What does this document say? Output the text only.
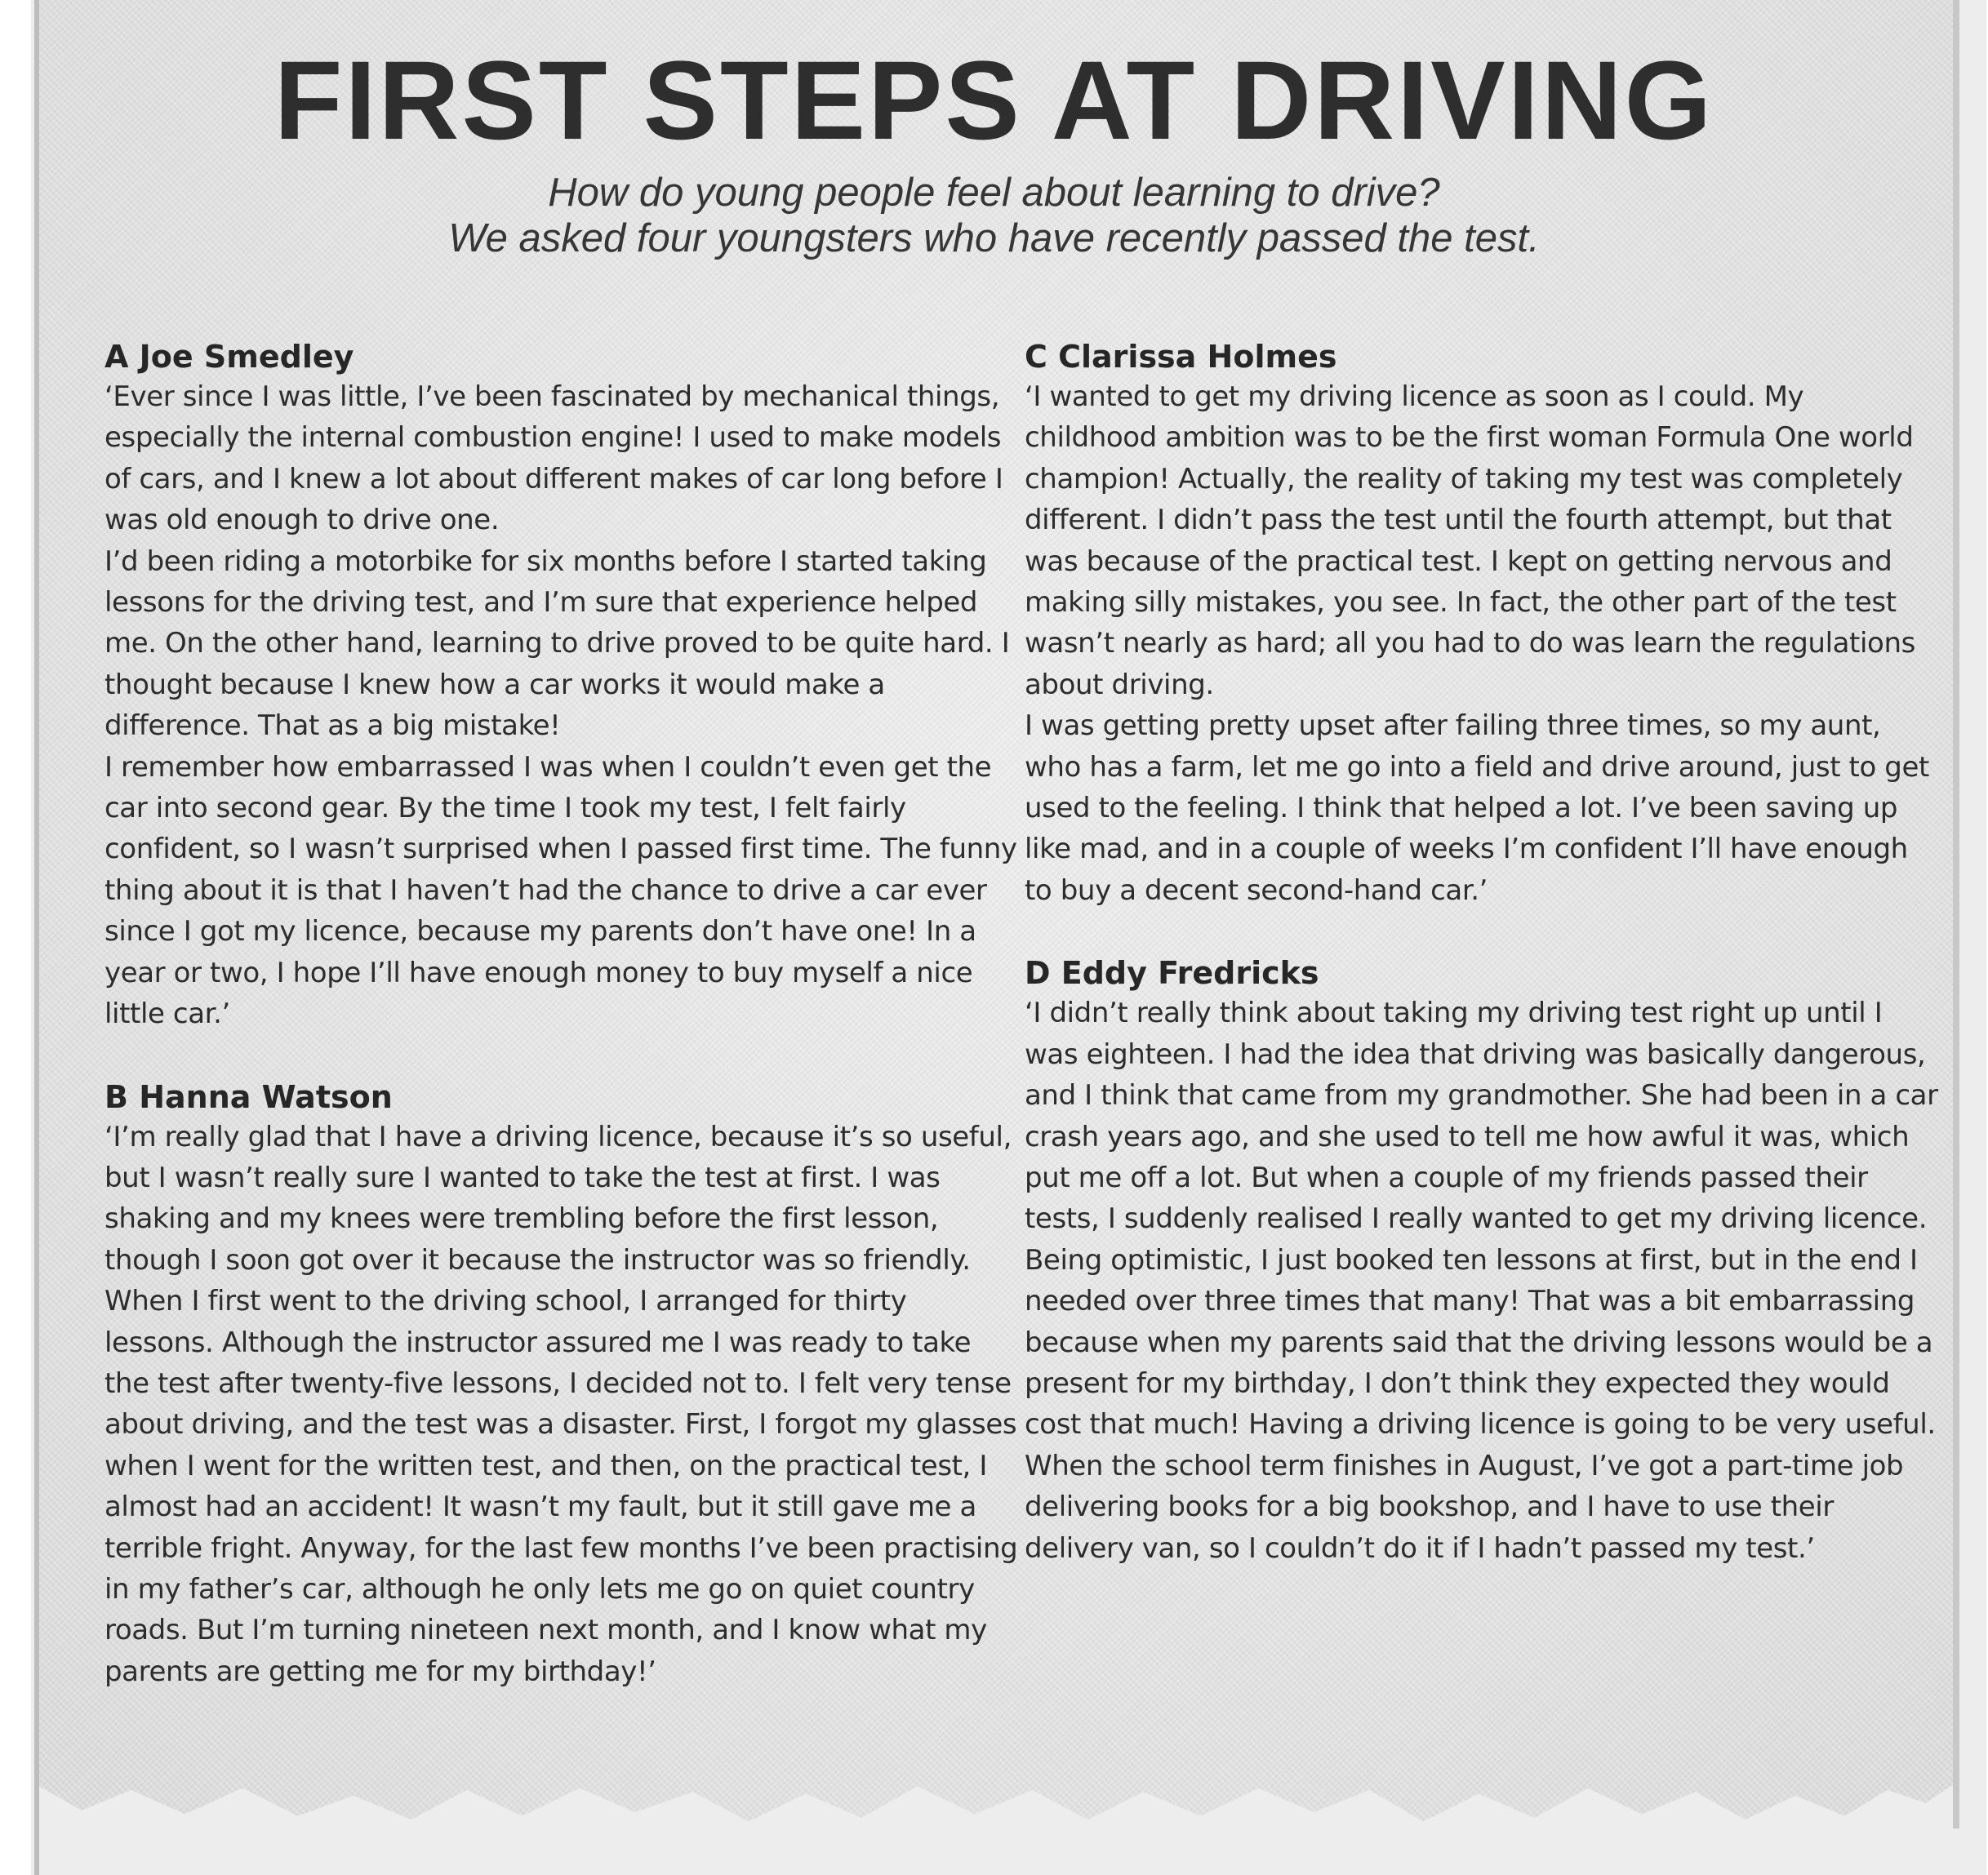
FIRST STEPS AT DRIVING
How do young people feel about learning to drive?
We asked four youngsters who have recently passed the test.
A Joe Smedley

‘Ever since I was little, I’ve been fascinated by mechanical things, especially the internal combustion engine! I used to make models of cars, and I knew a lot about different makes of car long before I was old enough to drive one.

I’d been riding a motorbike for six months before I started taking lessons for the driving test, and I’m sure that experience helped me. On the other hand, learning to drive proved to be quite hard. I thought because I knew how a car works it would make a difference. That as a big mistake!

I remember how embarrassed I was when I couldn’t even get the car into second gear. By the time I took my test, I felt fairly confident, so I wasn’t surprised when I passed first time. The funny thing about it is that I haven’t had the chance to drive a car ever since I got my licence, because my parents don’t have one! In a year or two, I hope I’ll have enough money to buy myself a nice little car.’

B Hanna Watson

‘I’m really glad that I have a driving licence, because it’s so useful, but I wasn’t really sure I wanted to take the test at first. I was shaking and my knees were trembling before the first lesson, though I soon got over it because the instructor was so friendly. When I first went to the driving school, I arranged for thirty lessons. Although the instructor assured me I was ready to take the test after twenty-five lessons, I decided not to. I felt very tense about driving, and the test was a disaster. First, I forgot my glasses when I went for the written test, and then, on the practical test, I almost had an accident! It wasn’t my fault, but it still gave me a terrible fright. Anyway, for the last few months I’ve been practising in my father’s car, although he only lets me go on quiet country roads. But I’m turning nineteen next month, and I know what my parents are getting me for my birthday!’

C Clarissa Holmes

‘I wanted to get my driving licence as soon as I could. My childhood ambition was to be the first woman Formula One world champion! Actually, the reality of taking my test was completely different. I didn’t pass the test until the fourth attempt, but that was because of the practical test. I kept on getting nervous and making silly mistakes, you see. In fact, the other part of the test wasn’t nearly as hard; all you had to do was learn the regulations about driving.

I was getting pretty upset after failing three times, so my aunt, who has a farm, let me go into a field and drive around, just to get used to the feeling. I think that helped a lot. I’ve been saving up like mad, and in a couple of weeks I’m confident I’ll have enough to buy a decent second-hand car.’

D Eddy Fredricks

‘I didn’t really think about taking my driving test right up until I was eighteen. I had the idea that driving was basically dangerous, and I think that came from my grandmother. She had been in a car crash years ago, and she used to tell me how awful it was, which put me off a lot. But when a couple of my friends passed their tests, I suddenly realised I really wanted to get my driving licence.

Being optimistic, I just booked ten lessons at first, but in the end I needed over three times that many! That was a bit embarrassing because when my parents said that the driving lessons would be a present for my birthday, I don’t think they expected they would cost that much! Having a driving licence is going to be very useful. When the school term finishes in August, I’ve got a part-time job delivering books for a big bookshop, and I have to use their delivery van, so I couldn’t do it if I hadn’t passed my test.’
